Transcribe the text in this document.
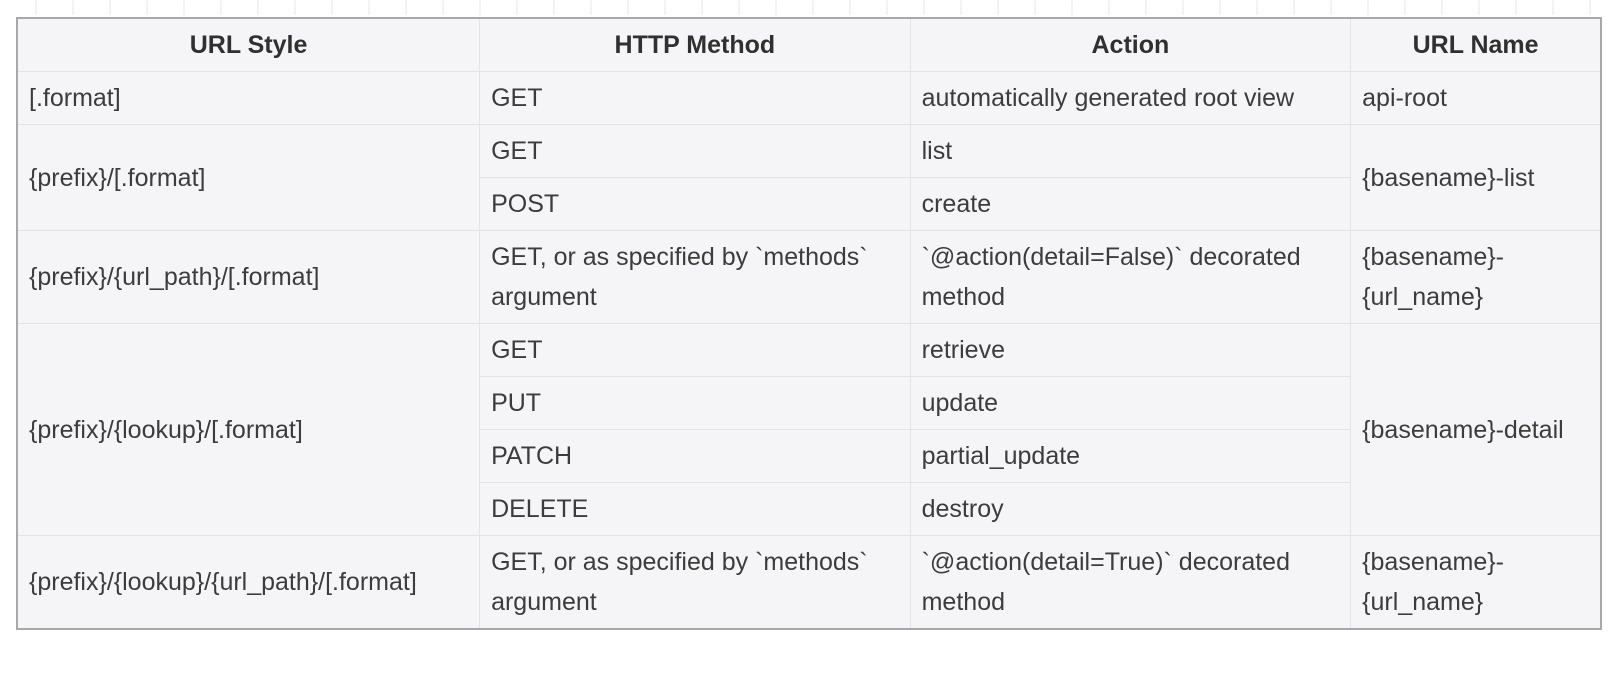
URL Style	HTTP Method	Action	URL Name
[.format]	GET	automatically generated root view	api-root
{prefix}/[.format]	GET	list	{basename}-list
	POST	create	
{prefix}/{url_path}/[.format]	GET, or as specified by `methods` argument	`@action(detail=False)` decorated method	{basename}-{url_name}
{prefix}/{lookup}/[.format]	GET	retrieve	{basename}-detail
	PUT	update	
	PATCH	partial_update	
	DELETE	destroy	
{prefix}/{lookup}/{url_path}/[.format]	GET, or as specified by `methods` argument	`@action(detail=True)` decorated method	{basename}-{url_name}
